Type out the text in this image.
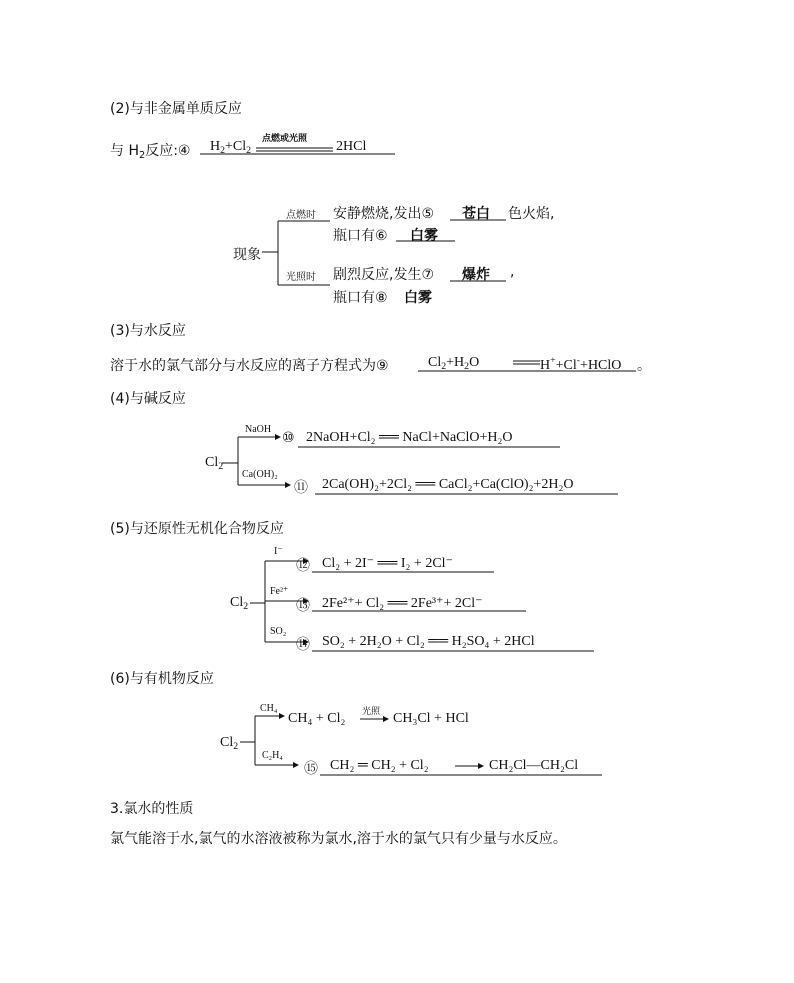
(2)与非金属单质反应
与 $H_2$反应:④ $H_2+Cl_2$
点燃或光照 2HCl
现象
点燃时 安静燃烧,发出⑤ 苍白 色火焰,
瓶口有⑥ 白雾
光照时 剧烈反应,发生⑦ 爆炸 ,
瓶口有⑧ 白雾
(3)与水反应
溶于水的氯气部分与水反应的离子方程式为⑨	$Cl_2+H_2O$	H++Cl-+HClO 。
(4)与碱反应
$Cl_2$
NaOH
⑩ 2NaOH+Cl₂ ══ NaCl+NaClO+H₂O
Ca(OH)₂
⑪ 2Ca(OH)₂+2Cl₂ ══ CaCl₂+Ca(ClO)₂+2H₂O
(5)与还原性无机化合物反应
$Cl_2$
I⁻
⑫ Cl₂ + 2I⁻ ══ I₂ + 2Cl⁻
Fe²⁺
⑬ 2Fe²⁺+ Cl₂ ══ 2Fe³⁺+ 2Cl⁻
SO₂
⑭ SO₂ + 2H₂O + Cl₂ ══ H₂SO₄ + 2HCl
(6)与有机物反应
$Cl_2$
CH₄
CH₄ + Cl₂ 光照 CH₃Cl + HCl
C₂H₄
⑮ CH₂ ═ CH₂ + Cl₂	CH₂Cl—CH₂Cl
3.氯水的性质
氯气能溶于水,氯气的水溶液被称为氯水,溶于水的氯气只有少量与水反应。
